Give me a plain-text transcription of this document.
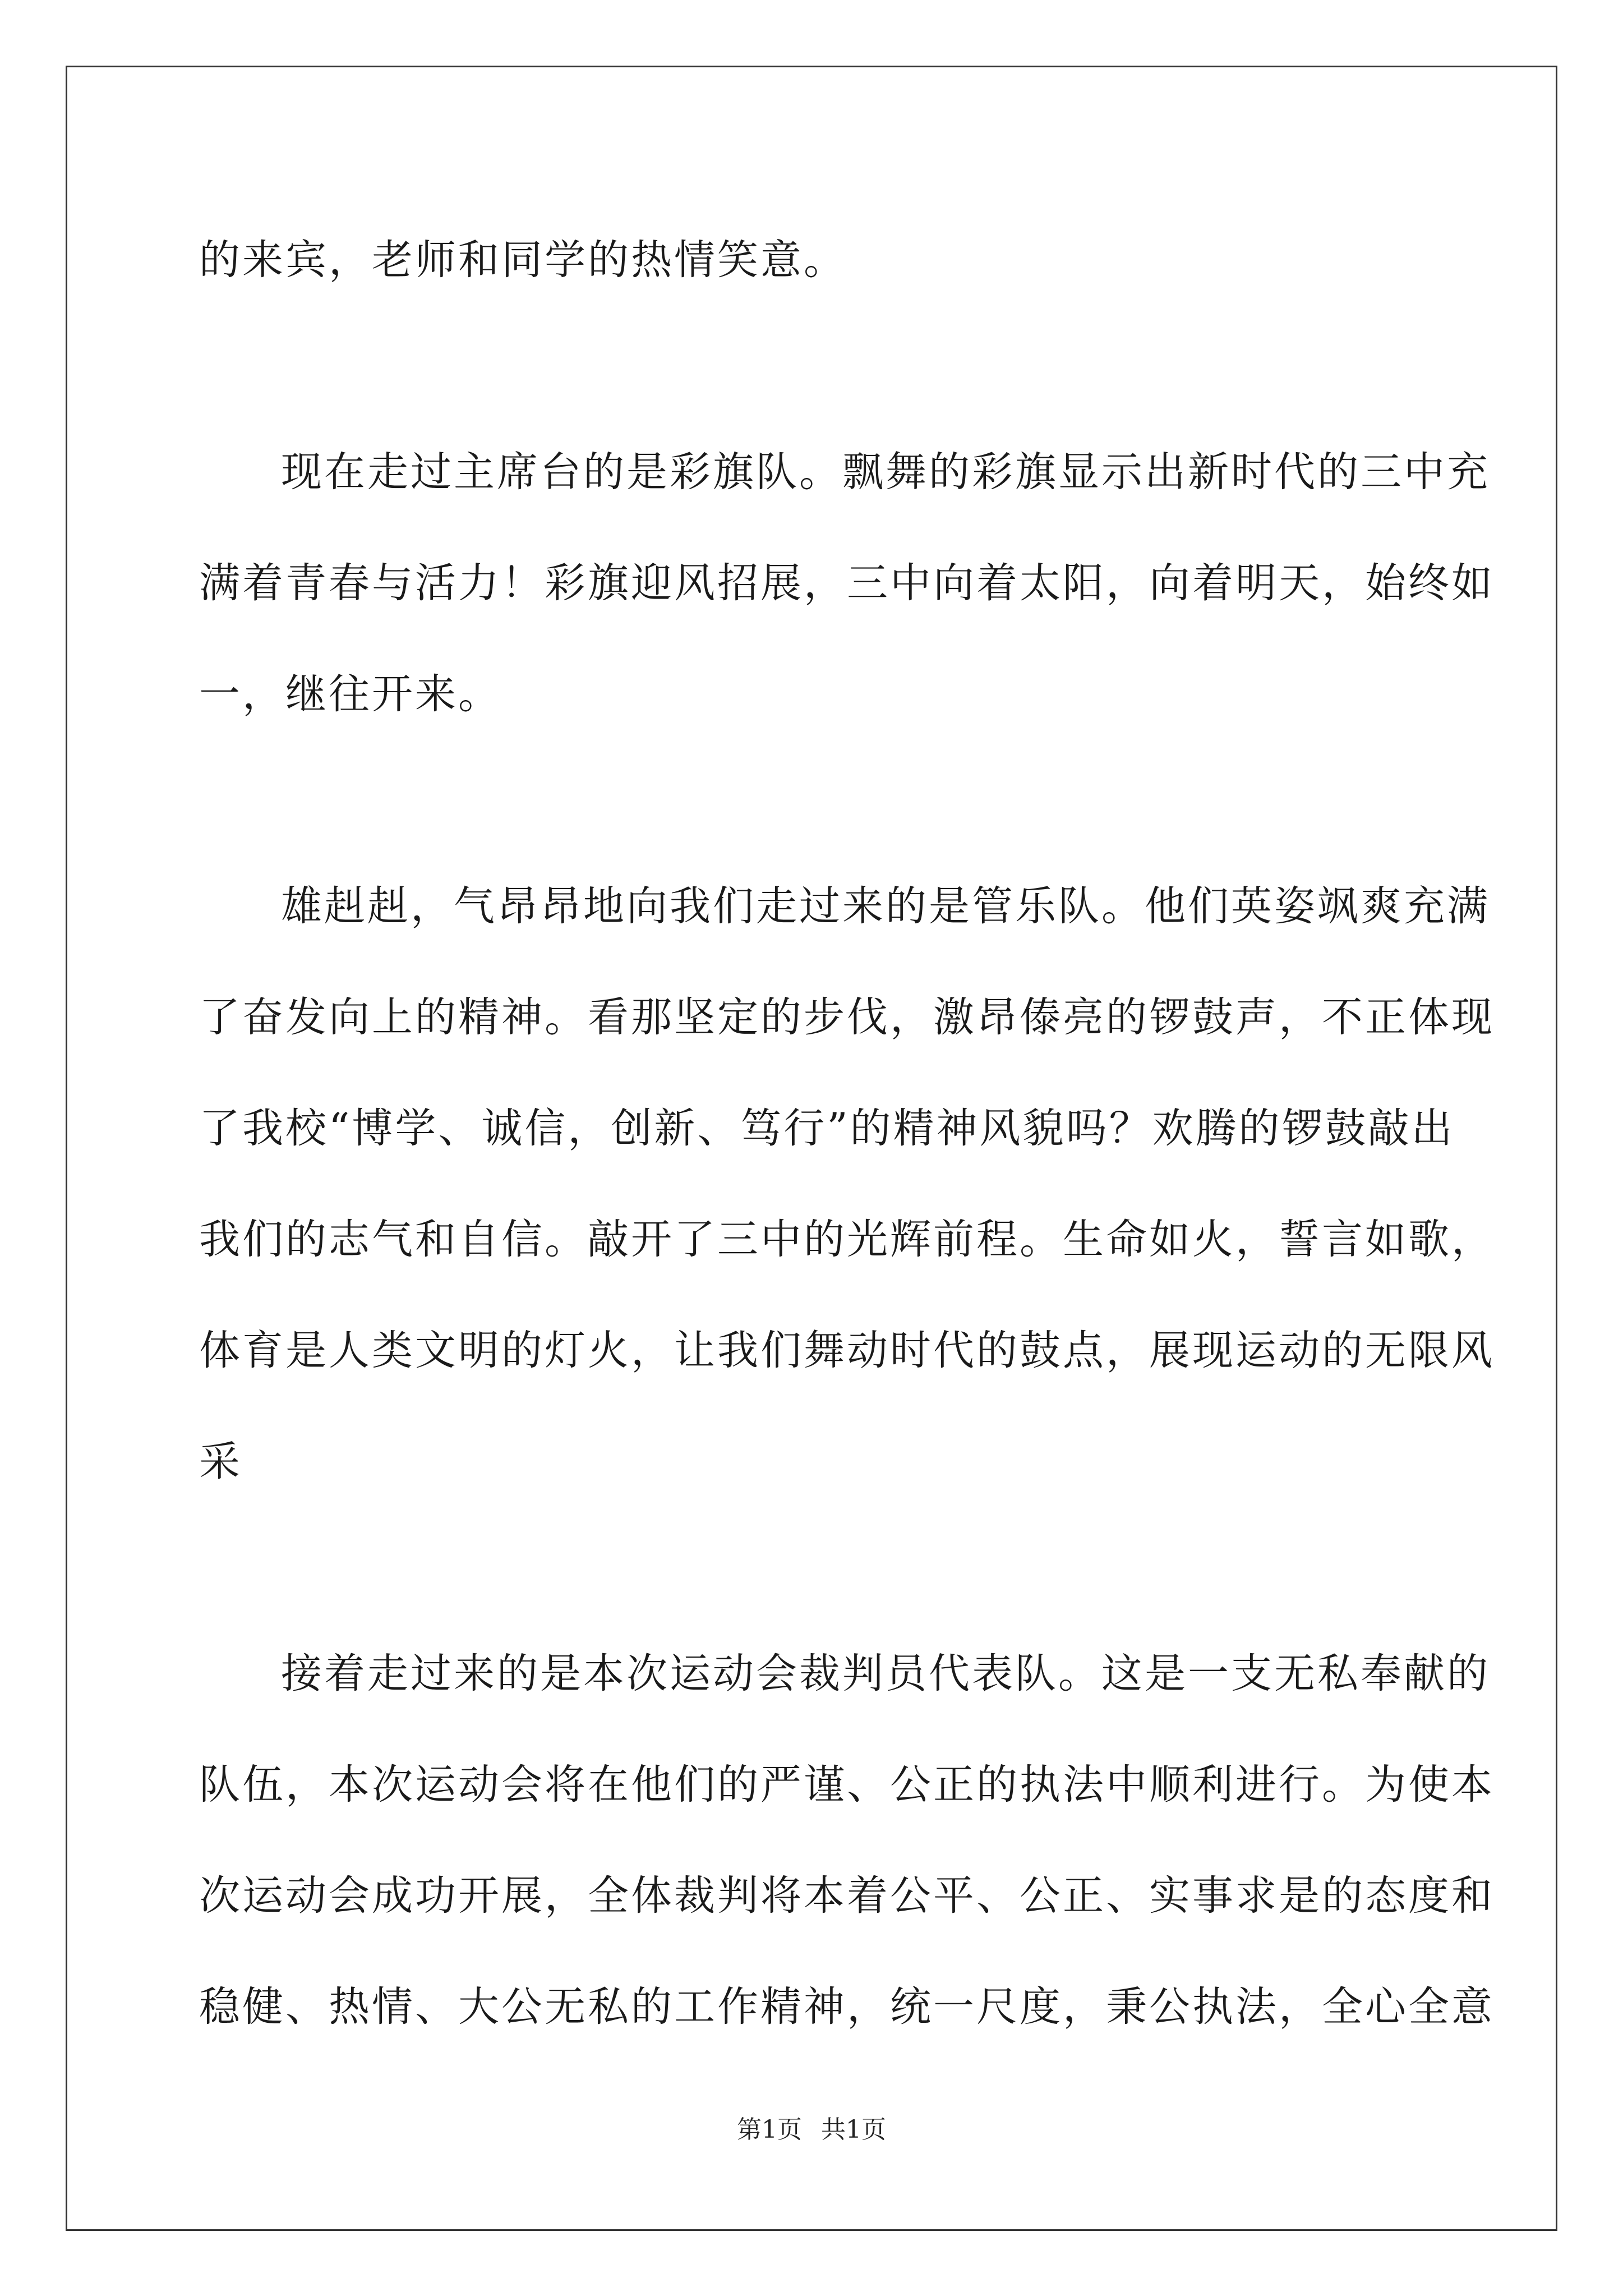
的来宾，老师和同学的热情笑意。
现在走过主席台的是彩旗队。飘舞的彩旗显示出新时代的三中充
满着青春与活力！彩旗迎风招展，三中向着太阳，向着明天，始终如
一，继往开来。
雄赳赳，气昂昂地向我们走过来的是管乐队。他们英姿飒爽充满
了奋发向上的精神。看那坚定的步伐，激昂傣亮的锣鼓声，不正体现
了我校“博学、诚信，创新、笃行”的精神风貌吗？欢腾的锣鼓敲出
我们的志气和自信。敲开了三中的光辉前程。生命如火，誓言如歌，
体育是人类文明的灯火，让我们舞动时代的鼓点，展现运动的无限风
采
接着走过来的是本次运动会裁判员代表队。这是一支无私奉献的
队伍，本次运动会将在他们的严谨、公正的执法中顺利进行。为使本
次运动会成功开展，全体裁判将本着公平、公正、实事求是的态度和
稳健、热情、大公无私的工作精神，统一尺度，秉公执法，全心全意
第1页 共1页
